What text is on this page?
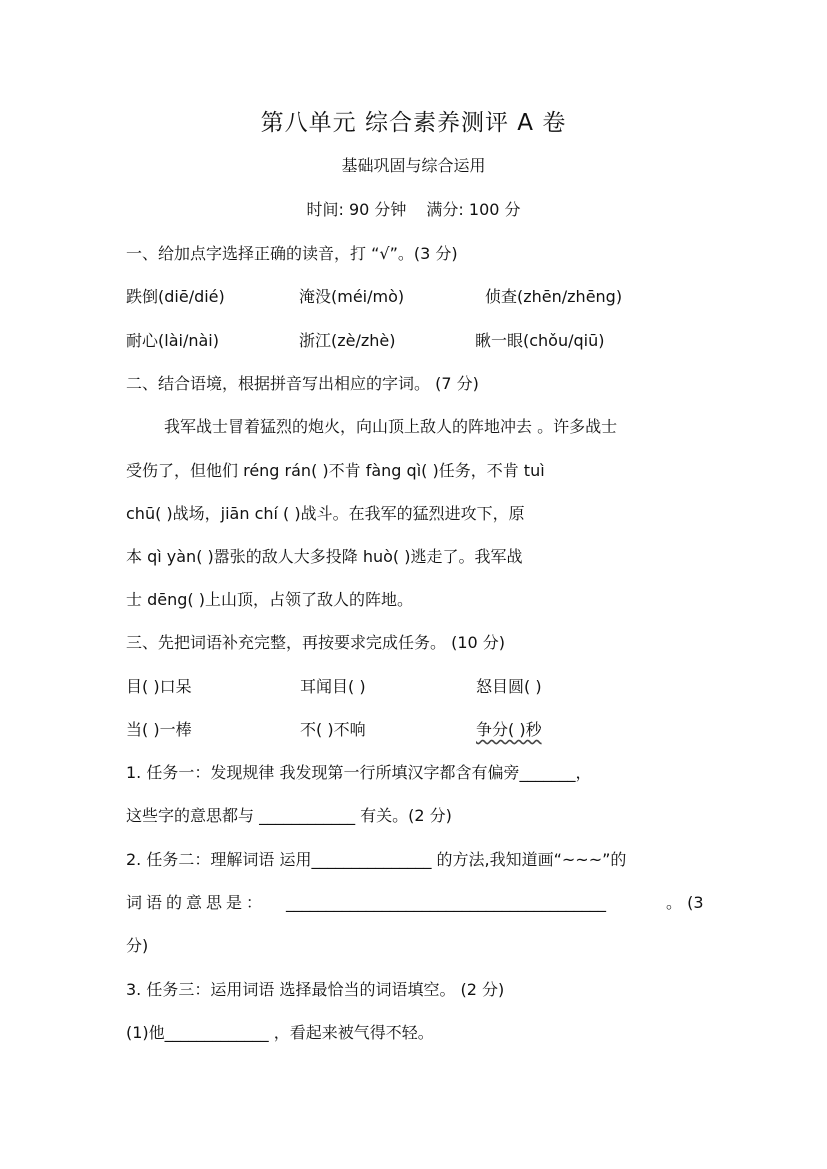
第八单元 综合素养测评 A 卷
基础巩固与综合运用
时间: 90 分钟 满分: 100 分
一、给加点字选择正确的读音，打 “√”。(3 分)
跌倒(diē/dié)	淹没(méi/mò)	侦查(zhēn/zhēng)
耐心(lài/nài)	浙江(zè/zhè)	瞅一眼(chǒu/qiū)
二、结合语境，根据拼音写出相应的字词。 (7 分)
我军战士冒着猛烈的炮火，向山顶上敌人的阵地冲去 。许多战士
受伤了，但他们 réng rán( )不肯 fàng qì( )任务，不肯 tuì
chū( )战场，jiān chí ( )战斗。在我军的猛烈进攻下，原
本 qì yàn( )嚣张的敌人大多投降 huò( )逃走了。我军战
士 dēng( )上山顶，占领了敌人的阵地。
三、先把词语补充完整，再按要求完成任务。 (10 分)
目( )口呆	耳闻目( )	怒目圆( )
当( )一棒	不( )不响	争分( )秒
1. 任务一：发现规律 我发现第一行所填汉字都含有偏旁_______，
这些字的意思都与 ____________ 有关。(2 分)
2. 任务二：理解词语 运用_______________ 的方法,我知道画“~~~”的
词语的意思是： ________________________________________	。 (3
分)
3. 任务三：运用词语 选择最恰当的词语填空。 (2 分)
(1)他_____________ ，看起来被气得不轻。
